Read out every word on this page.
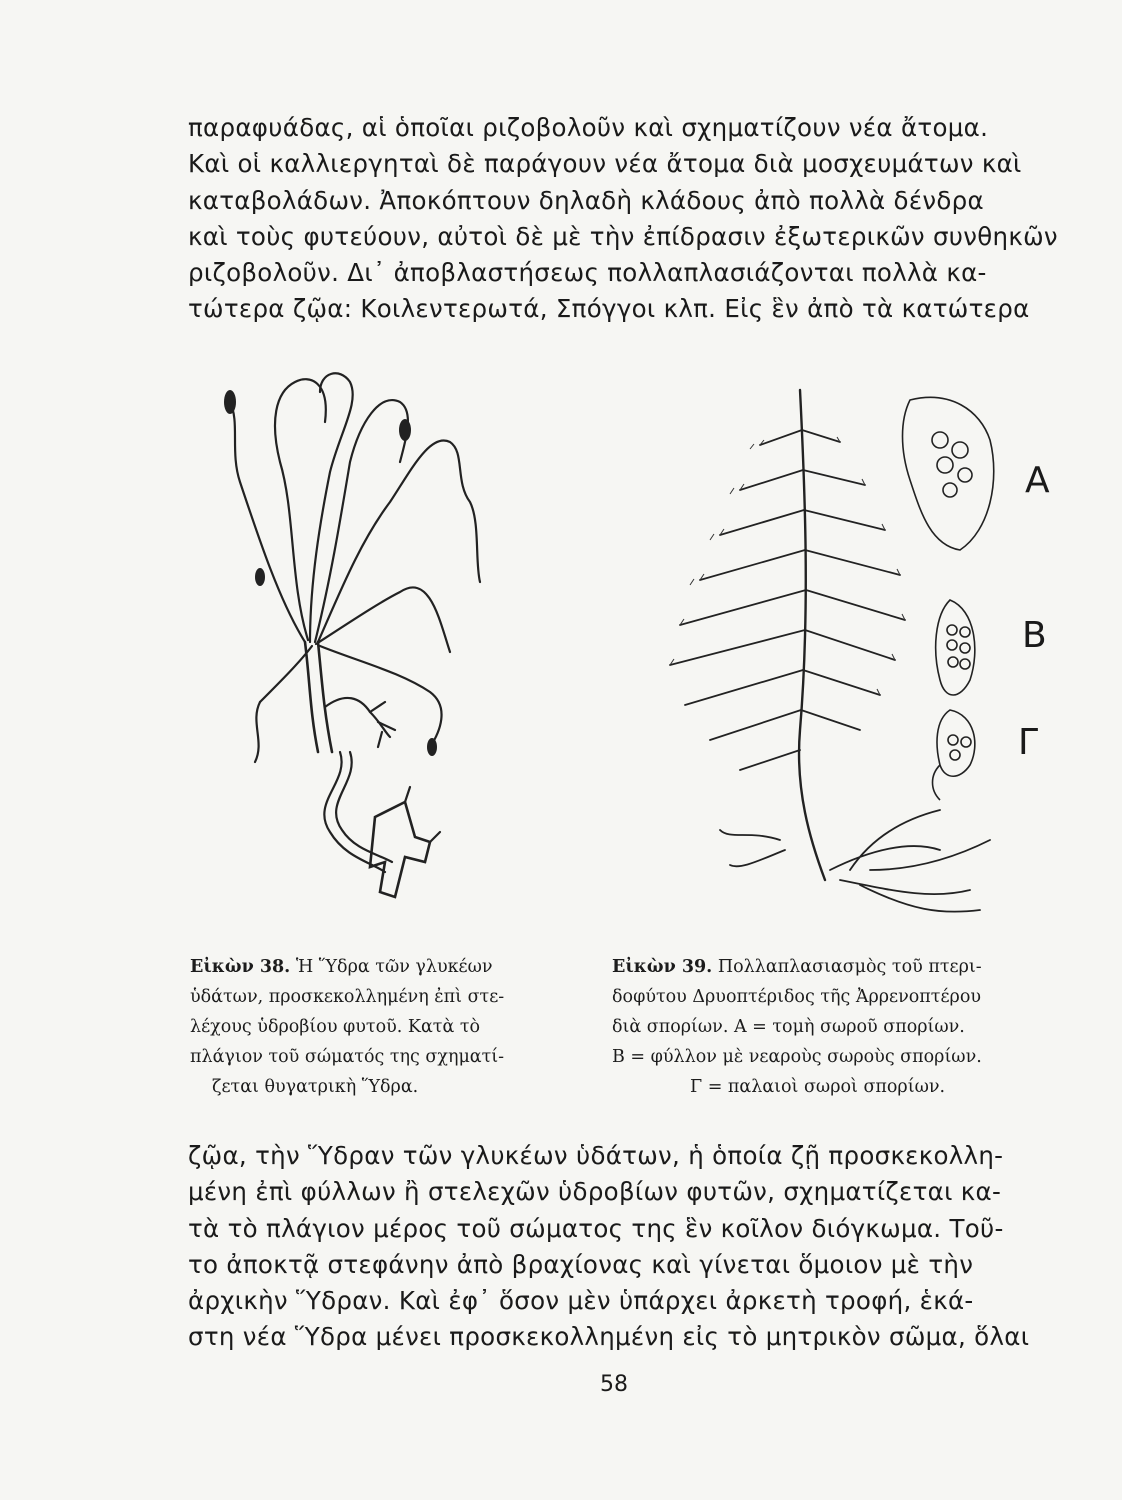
παραφυάδας, αἱ ὁποῖαι ριζοβολοῦν καὶ σχηματίζουν νέα ἄτομα.
Καὶ οἱ καλλιεργηταὶ δὲ παράγουν νέα ἄτομα διὰ μοσχευμάτων καὶ
καταβολάδων. Ἀποκόπτουν δηλαδὴ κλάδους ἀπὸ πολλὰ δένδρα
καὶ τοὺς φυτεύουν, αὐτοὶ δὲ μὲ τὴν ἐπίδρασιν ἐξωτερικῶν συνθηκῶν
ριζοβολοῦν. Δι᾽ ἀποβλαστήσεως πολλαπλασιάζονται πολλὰ κα-
τώτερα ζῷα: Κοιλεντερωτά, Σπόγγοι κλπ. Εἰς ἓν ἀπὸ τὰ κατώτερα
Α
Β
Γ
Εἰκὼν 38. Ἡ Ὕδρα τῶν γλυκέων
ὑδάτων, προσκεκολλημένη ἐπὶ στε-
λέχους ὑδροβίου φυτοῦ. Κατὰ τὸ
πλάγιον τοῦ σώματός της σχηματί-
ζεται θυγατρικὴ Ὕδρα.
Εἰκὼν 39. Πολλαπλασιασμὸς τοῦ πτερι-
δοφύτου Δρυοπτέριδος τῆς Ἀρρενοπτέρου
διὰ σπορίων. Α = τομὴ σωροῦ σπορίων.
Β = φύλλον μὲ νεαροὺς σωροὺς σπορίων.
Γ = παλαιοὶ σωροὶ σπορίων.
ζῷα, τὴν Ὕδραν τῶν γλυκέων ὑδάτων, ἡ ὁποία ζῇ προσκεκολλη-
μένη ἐπὶ φύλλων ἢ στελεχῶν ὑδροβίων φυτῶν, σχηματίζεται κα-
τὰ τὸ πλάγιον μέρος τοῦ σώματος της ἓν κοῖλον διόγκωμα. Τοῦ-
το ἀποκτᾷ στεφάνην ἀπὸ βραχίονας καὶ γίνεται ὅμοιον μὲ τὴν
ἀρχικὴν Ὕδραν. Καὶ ἐφ᾽ ὅσον μὲν ὑπάρχει ἀρκετὴ τροφή, ἑκά-
στη νέα Ὕδρα μένει προσκεκολλημένη εἰς τὸ μητρικὸν σῶμα, ὅλαι
58
